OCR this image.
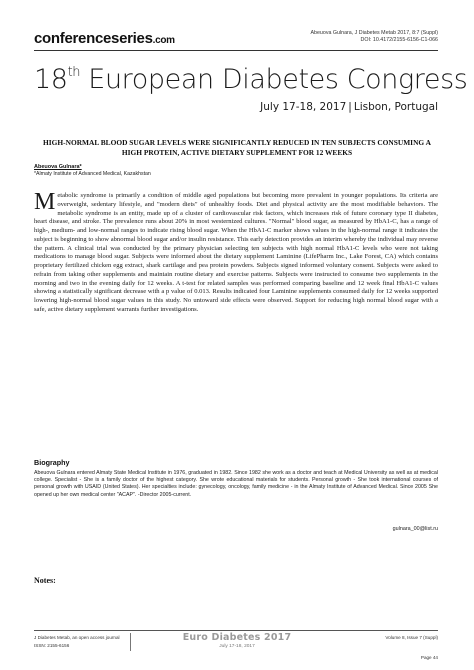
conferenceseries.com
Abeuova Gulnara, J Diabetes Metab 2017, 8:7 (Suppl)
DOI: 10.4172/2155-6156-C1-066
18th European Diabetes Congress
July 17-18, 2017 | Lisbon, Portugal
HIGH-NORMAL BLOOD SUGAR LEVELS WERE SIGNIFICANTLY REDUCED IN TEN SUBJECTS CONSUMING A HIGH PROTEIN, ACTIVE DIETARY SUPPLEMENT FOR 12 WEEKS
Abeuova Gulnara*
*Almaty Institute of Advanced Medical, Kazakhstan
Metabolic syndrome is primarily a condition of middle aged populations but becoming more prevalent in younger populations. Its criteria are overweight, sedentary lifestyle, and "modern diets" of unhealthy foods. Diet and physical activity are the most modifiable behaviors. The metabolic syndrome is an entity, made up of a cluster of cardiovascular risk factors, which increases risk of future coronary type II diabetes, heart disease, and stroke. The prevalence runs about 20% in most westernized cultures. "Normal" blood sugar, as measured by HbA1-C, has a range of high-, medium- and low-normal ranges to indicate rising blood sugar. When the HbA1-C marker shows values in the high-normal range it indicates the subject is beginning to show abnormal blood sugar and/or insulin resistance. This early detection provides an interim whereby the individual may reverse the pattern. A clinical trial was conducted by the primary physician selecting ten subjects with high normal HbA1-C levels who were not taking medications to manage blood sugar. Subjects were informed about the dietary supplement Laminine (LifePharm Inc., Lake Forest, CA) which contains proprietary fertilized chicken egg extract, shark cartilage and pea protein powders. Subjects signed informed voluntary consent. Subjects were asked to refrain from taking other supplements and maintain routine dietary and exercise patterns. Subjects were instructed to consume two supplements in the morning and two in the evening daily for 12 weeks. A t-test for related samples was performed comparing baseline and 12 week final HbA1-C values showing a statistically significant decrease with a p value of 0.013. Results indicated four Laminine supplements consumed daily for 12 weeks supported lowering high-normal blood sugar values in this study. No untoward side effects were observed. Support for reducing high normal blood sugar with a safe, active dietary supplement warrants further investigations.
Biography
Abeuova Gulnara entered Almaty State Medical Institute in 1976, graduated in 1982. Since 1982 she work as a doctor and teach at Medical University as well as at medical college. Specialist - She is a family doctor of the highest category. She wrote educational materials for students. Personal growth - She took international courses of personal growth with USAID (United States). Her specialties include: gynecology, oncology, family medicine - in the Almaty Institute of Advanced Medical. Since 2005 She opened up her own medical center "ACAP". -Director 2005-current.
gulnara_00@list.ru
Notes:
J Diabetes Metab, an open access journal
ISSN: 2155-6156
Euro Diabetes 2017
July 17-18, 2017
Volume 8, Issue 7 (Suppl)
Page 44
